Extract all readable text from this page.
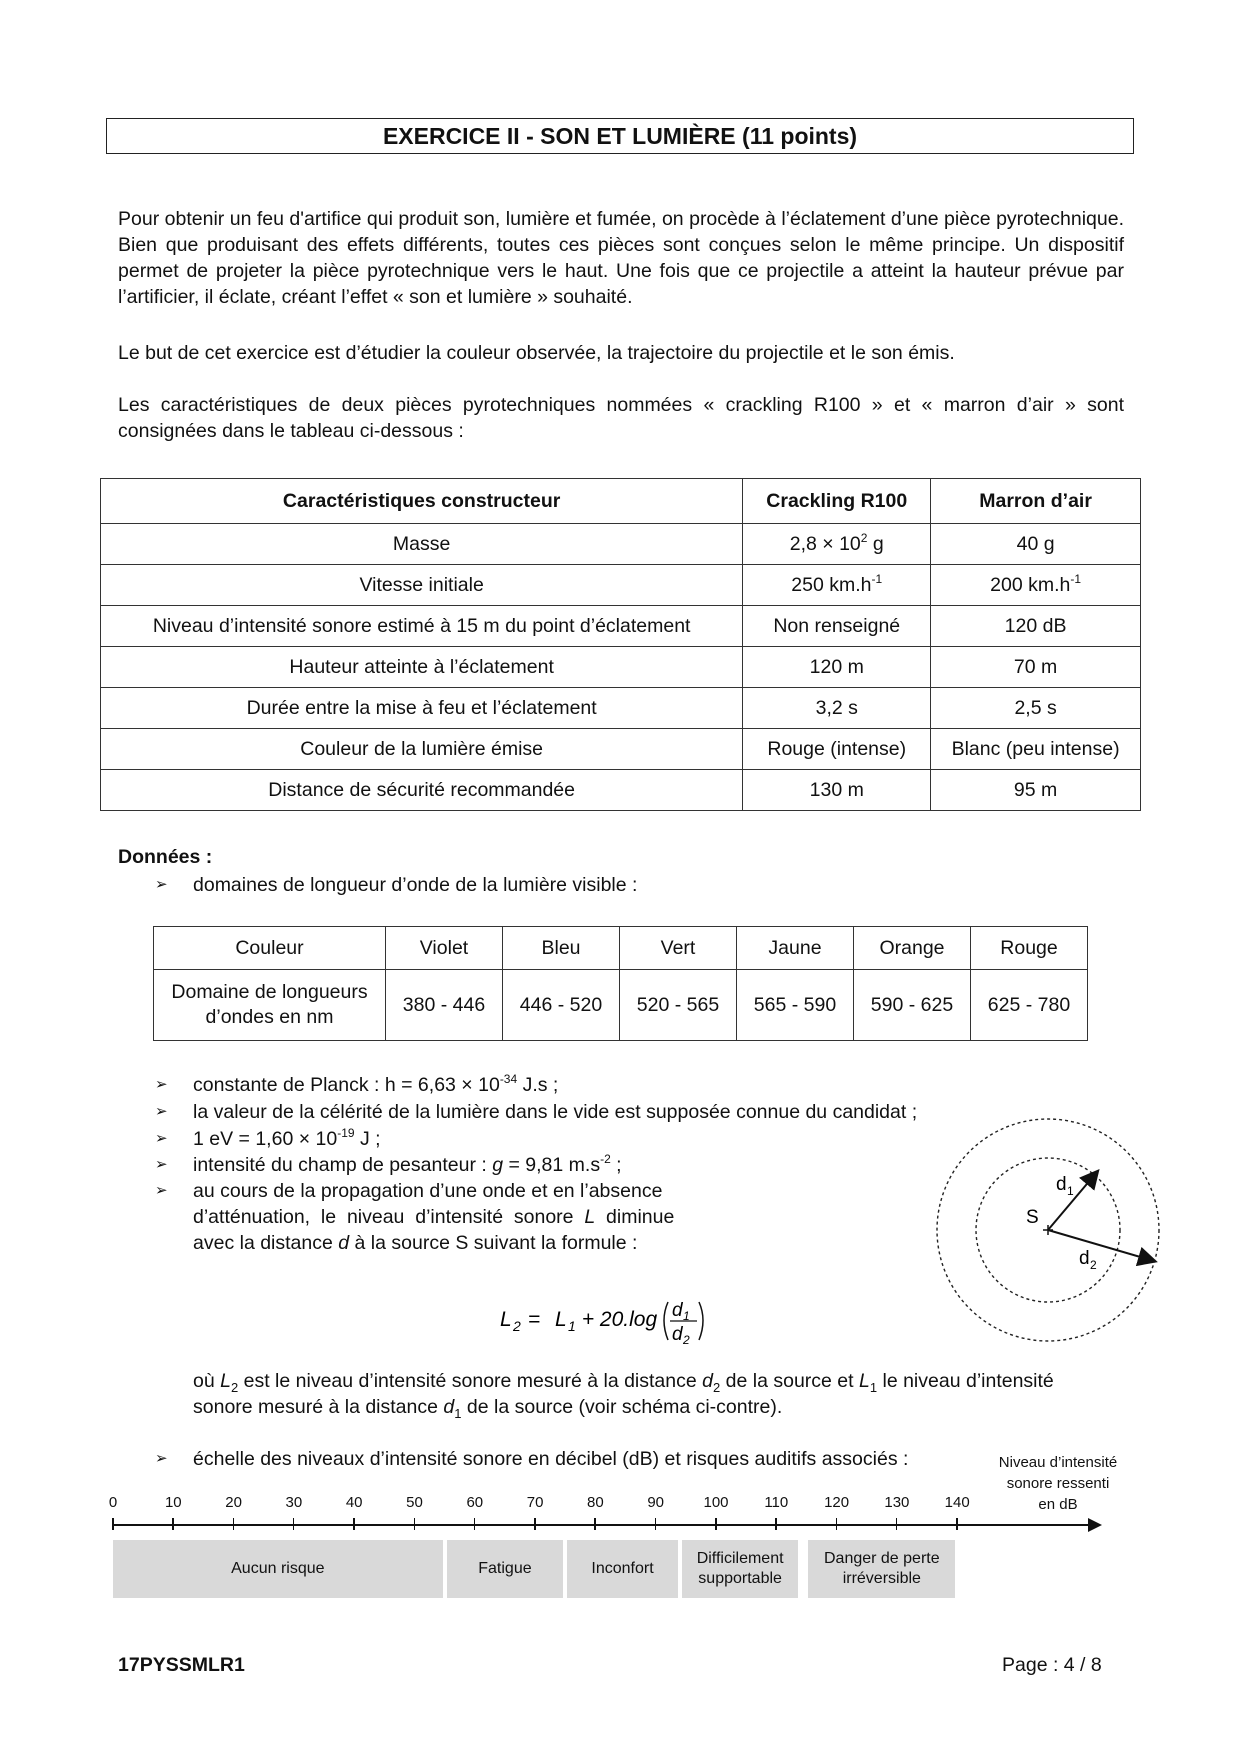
EXERCICE II - SON ET LUMIÈRE (11 points)
Pour obtenir un feu d'artifice qui produit son, lumière et fumée, on procède à l’éclatement d’une pièce pyrotechnique. Bien que produisant des effets différents, toutes ces pièces sont conçues selon le même principe. Un dispositif permet de projeter la pièce pyrotechnique vers le haut. Une fois que ce projectile a atteint la hauteur prévue par l’artificier, il éclate, créant l’effet « son et lumière » souhaité.
Le but de cet exercice est d’étudier la couleur observée, la trajectoire du projectile et le son émis.
Les caractéristiques de deux pièces pyrotechniques nommées « crackling R100 » et « marron d’air » sont consignées dans le tableau ci-dessous :
Caractéristiques constructeur	Crackling R100	Marron d’air
Masse	$2,8 \times 10^2$ g	40 g
Vitesse initiale	250 $km.h^{-1}$	200 $km.h^{-1}$
Niveau d’intensité sonore estimé à 15 m du point d’éclatement	Non renseigné	120 dB
Hauteur atteinte à l’éclatement	120 m	70 m
Durée entre la mise à feu et l’éclatement	3,2 s	2,5 s
Couleur de la lumière émise	Rouge (intense)	Blanc (peu intense)
Distance de sécurité recommandée	130 m	95 m
Données :
➢ domaines de longueur d’onde de la lumière visible :
Couleur	Violet	Bleu	Vert	Jaune	Orange	Rouge
Domaine de longueurs
d’ondes en nm	380 - 446	446 - 520	520 - 565	565 - 590	590 - 625	625 - 780
➢ constante de Planck : $h = 6,63 \times 10^{-34}$ J.s ;
➢ la valeur de la célérité de la lumière dans le vide est supposée connue du candidat ;
➢ 1 eV = $1,60 \times 10^{-19}$ J ;
➢ intensité du champ de pesanteur : g = 9,81 $m.s^{-2}$ ;
➢ au cours de la propagation d’une onde et en l’absence
d’atténuation,  le  niveau  d’intensité  sonore  L  diminue
avec la distance d à la source S suivant la formule :
L 2 = L 1 + 20.log d 1
d 2
S
d 1
d 2
où $L_2$ est le niveau d’intensité sonore mesuré à la distance $d_2$ de la source et $L_1$ le niveau d’intensité
sonore mesuré à la distance $d_1$ de la source (voir schéma ci-contre).
➢ échelle des niveaux d’intensité sonore en décibel (dB) et risques auditifs associés :	Niveau d’intensité
sonore ressenti
en dB
0	10	20	30	40	50	60	70	80	90	100	110	120	130	140
Aucun risque	Fatigue	Inconfort
Difficilement supportable
Danger de perte irréversible
17PYSSMLR1	Page : 4 / 8
